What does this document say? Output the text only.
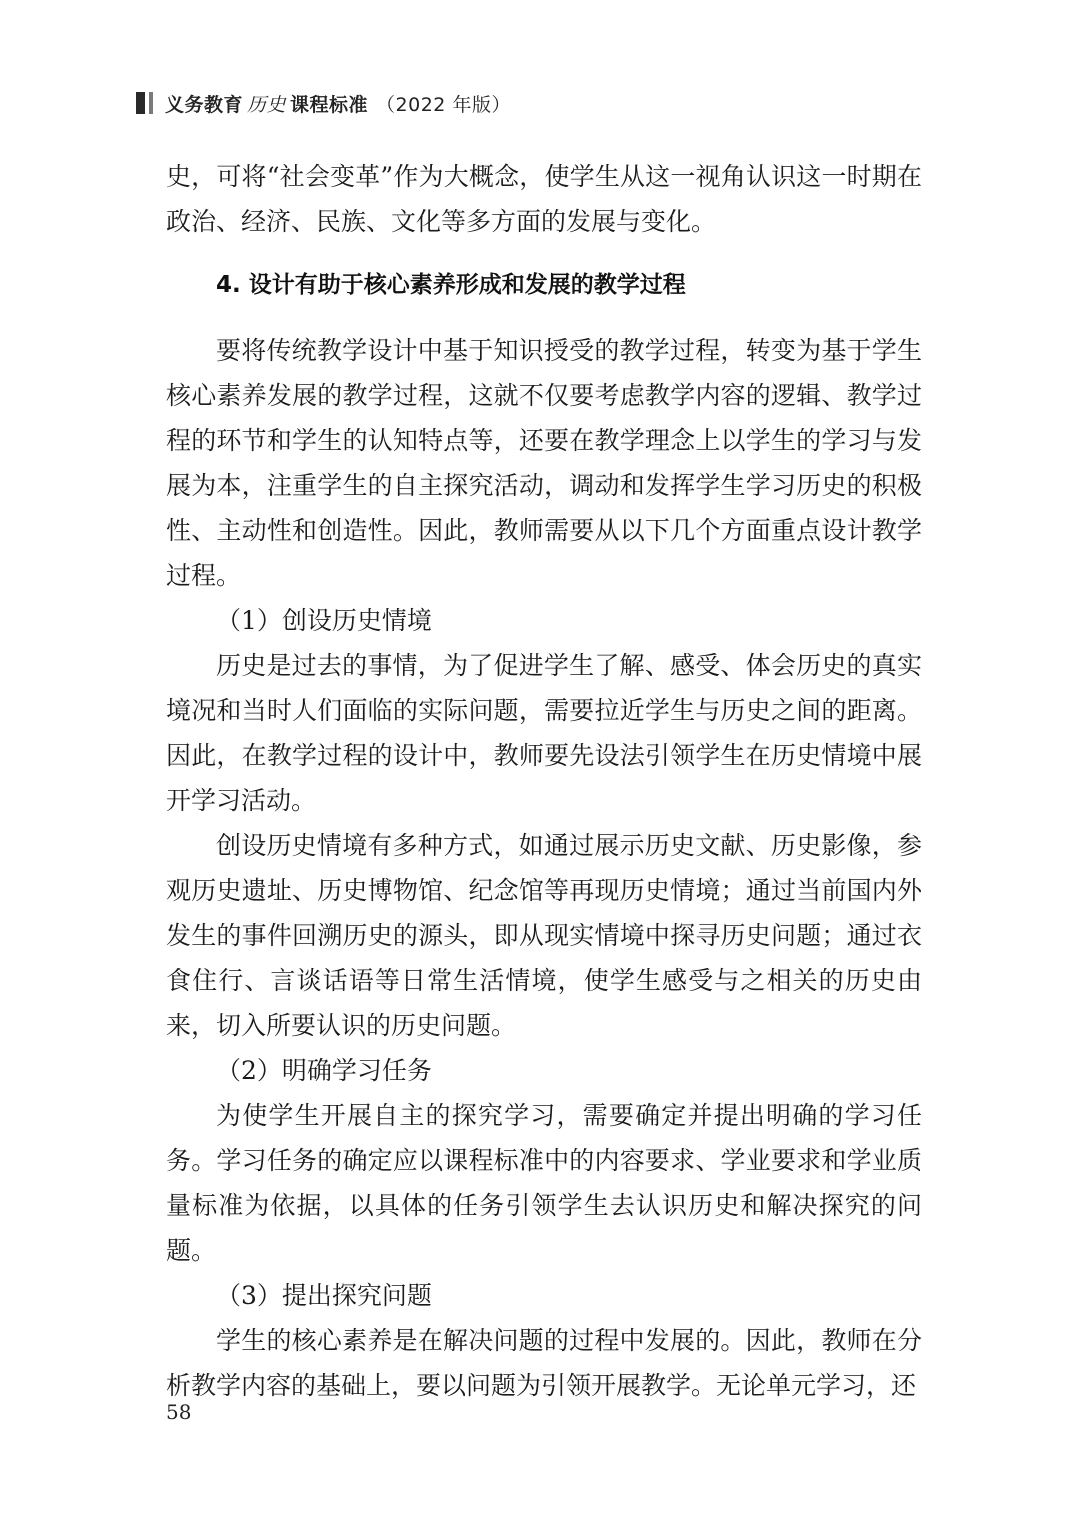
义务教育 历史 课程标准 （2022 年版）

史，可将“社会变革”作为大概念，使学生从这一视角认识这一时期在政治、经济、民族、文化等多方面的发展与变化。

4. 设计有助于核心素养形成和发展的教学过程

要将传统教学设计中基于知识授受的教学过程，转变为基于学生核心素养发展的教学过程，这就不仅要考虑教学内容的逻辑、教学过程的环节和学生的认知特点等，还要在教学理念上以学生的学习与发展为本，注重学生的自主探究活动，调动和发挥学生学习历史的积极性、主动性和创造性。因此，教师需要从以下几个方面重点设计教学过程。

（1）创设历史情境

历史是过去的事情，为了促进学生了解、感受、体会历史的真实境况和当时人们面临的实际问题，需要拉近学生与历史之间的距离。因此，在教学过程的设计中，教师要先设法引领学生在历史情境中展开学习活动。

创设历史情境有多种方式，如通过展示历史文献、历史影像，参观历史遗址、历史博物馆、纪念馆等再现历史情境；通过当前国内外发生的事件回溯历史的源头，即从现实情境中探寻历史问题；通过衣食住行、言谈话语等日常生活情境，使学生感受与之相关的历史由来，切入所要认识的历史问题。

（2）明确学习任务

为使学生开展自主的探究学习，需要确定并提出明确的学习任务。学习任务的确定应以课程标准中的内容要求、学业要求和学业质量标准为依据，以具体的任务引领学生去认识历史和解决探究的问题。

（3）提出探究问题

学生的核心素养是在解决问题的过程中发展的。因此，教师在分析教学内容的基础上，要以问题为引领开展教学。无论单元学习，还

58
